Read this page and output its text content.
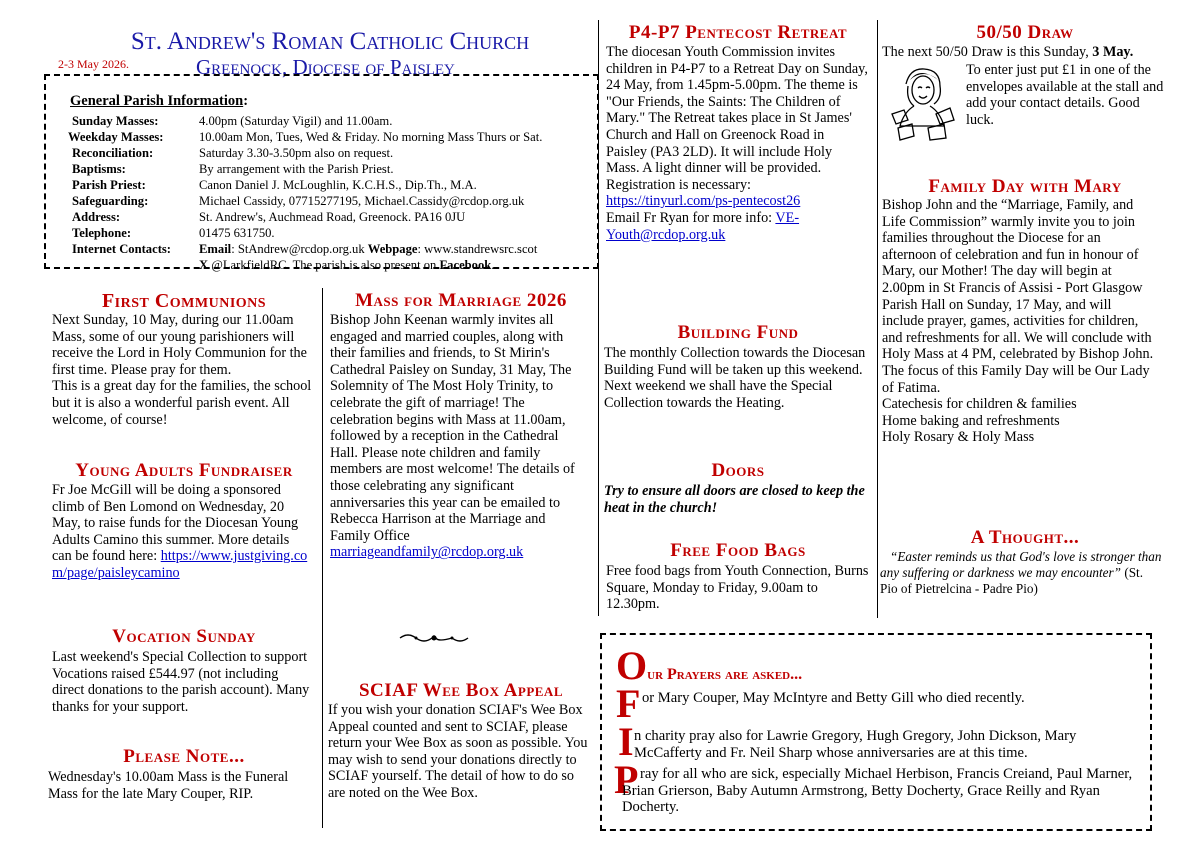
St. Andrew's Roman Catholic Church
2-3 May 2026.	Greenock, Diocese of Paisley
General Parish Information:
Sunday Masses:	4.00pm (Saturday Vigil) and 11.00am.
Weekday Masses:	10.00am Mon, Tues, Wed & Friday. No morning Mass Thurs or Sat.
Reconciliation:	Saturday 3.30-3.50pm also on request.
Baptisms:	By arrangement with the Parish Priest.
Parish Priest:	Canon Daniel J. McLoughlin, K.C.H.S., Dip.Th., M.A.
Safeguarding:	Michael Cassidy, 07715277195, Michael.Cassidy@rcdop.org.uk
Address:	St. Andrew's, Auchmead Road, Greenock. PA16 0JU
Telephone:	01475 631750.
Internet Contacts: Email: StAndrew@rcdop.org.uk Webpage: www.standrewsrc.scot
X @LarkfieldRC. The parish is also present on Facebook.
First Communions
Next Sunday, 10 May, during our 11.00am Mass, some of our young parishioners will receive the Lord in Holy Communion for the first time. Please pray for them.
This is a great day for the families, the school but it is also a wonderful parish event. All welcome, of course!
Young Adults Fundraiser
Fr Joe McGill will be doing a sponsored climb of Ben Lomond on Wednesday, 20 May, to raise funds for the Diocesan Young Adults Camino this summer. More details can be found here: https://www.justgiving.com/page/paisleycamino
Vocation Sunday
Last weekend's Special Collection to support Vocations raised £544.97 (not including direct donations to the parish account). Many thanks for your support.
Please Note...
Wednesday's 10.00am Mass is the Funeral Mass for the late Mary Couper, RIP.
Mass for Marriage 2026
Bishop John Keenan warmly invites all engaged and married couples, along with their families and friends, to St Mirin's Cathedral Paisley on Sunday, 31 May, The Solemnity of The Most Holy Trinity, to celebrate the gift of marriage! The celebration begins with Mass at 11.00am, followed by a reception in the Cathedral Hall. Please note children and family members are most welcome! The details of those celebrating any significant anniversaries this year can be emailed to Rebecca Harrison at the Marriage and Family Office marriageandfamily@rcdop.org.uk
SCIAF Wee Box Appeal
If you wish your donation SCIAF's Wee Box Appeal counted and sent to SCIAF, please return your Wee Box as soon as possible. You may wish to send your donations directly to SCIAF yourself. The detail of how to do so are noted on the Wee Box.
P4-P7 Pentecost Retreat
The diocesan Youth Commission invites children in P4-P7 to a Retreat Day on Sunday, 24 May, from 1.45pm-5.00pm. The theme is "Our Friends, the Saints: The Children of Mary." The Retreat takes place in St James' Church and Hall on Greenock Road in Paisley (PA3 2LD). It will include Holy Mass. A light dinner will be provided. Registration is necessary: https://tinyurl.com/ps-pentecost26
Email Fr Ryan for more info: VE-Youth@rcdop.org.uk
Building Fund
The monthly Collection towards the Diocesan Building Fund will be taken up this weekend.
Next weekend we shall have the Special Collection towards the Heating.
Doors
Try to ensure all doors are closed to keep the heat in the church!
Free Food Bags
Free food bags from Youth Connection, Burns Square, Monday to Friday, 9.00am to 12.30pm.
50/50 Draw
The next 50/50 Draw is this Sunday, 3 May.
To enter just put £1 in one of the envelopes available at the stall and add your contact details. Good luck.
Family Day with Mary
Bishop John and the “Marriage, Family, and Life Commission” warmly invite you to join families throughout the Diocese for an afternoon of celebration and fun in honour of Mary, our Mother! The day will begin at 2.00pm in St Francis of Assisi - Port Glasgow Parish Hall on Sunday, 17 May, and will include prayer, games, activities for children, and refreshments for all. We will conclude with Holy Mass at 4 PM, celebrated by Bishop John.
The focus of this Family Day will be Our Lady of Fatima.
Catechesis for children & families
Home baking and refreshments
Holy Rosary & Holy Mass
A Thought...
“Easter reminds us that God's love is stronger than any suffering or darkness we may encounter” (St. Pio of Pietrelcina - Padre Pio)
Our Prayers are asked...
F or Mary Couper, May McIntyre and Betty Gill who died recently.
I n charity pray also for Lawrie Gregory, Hugh Gregory, John Dickson, Mary McCafferty and Fr. Neil Sharp whose anniversaries are at this time.
P ray for all who are sick, especially Michael Herbison, Francis Creiand, Paul Marner, Brian Grierson, Baby Autumn Armstrong, Betty Docherty, Grace Reilly and Ryan Docherty.
